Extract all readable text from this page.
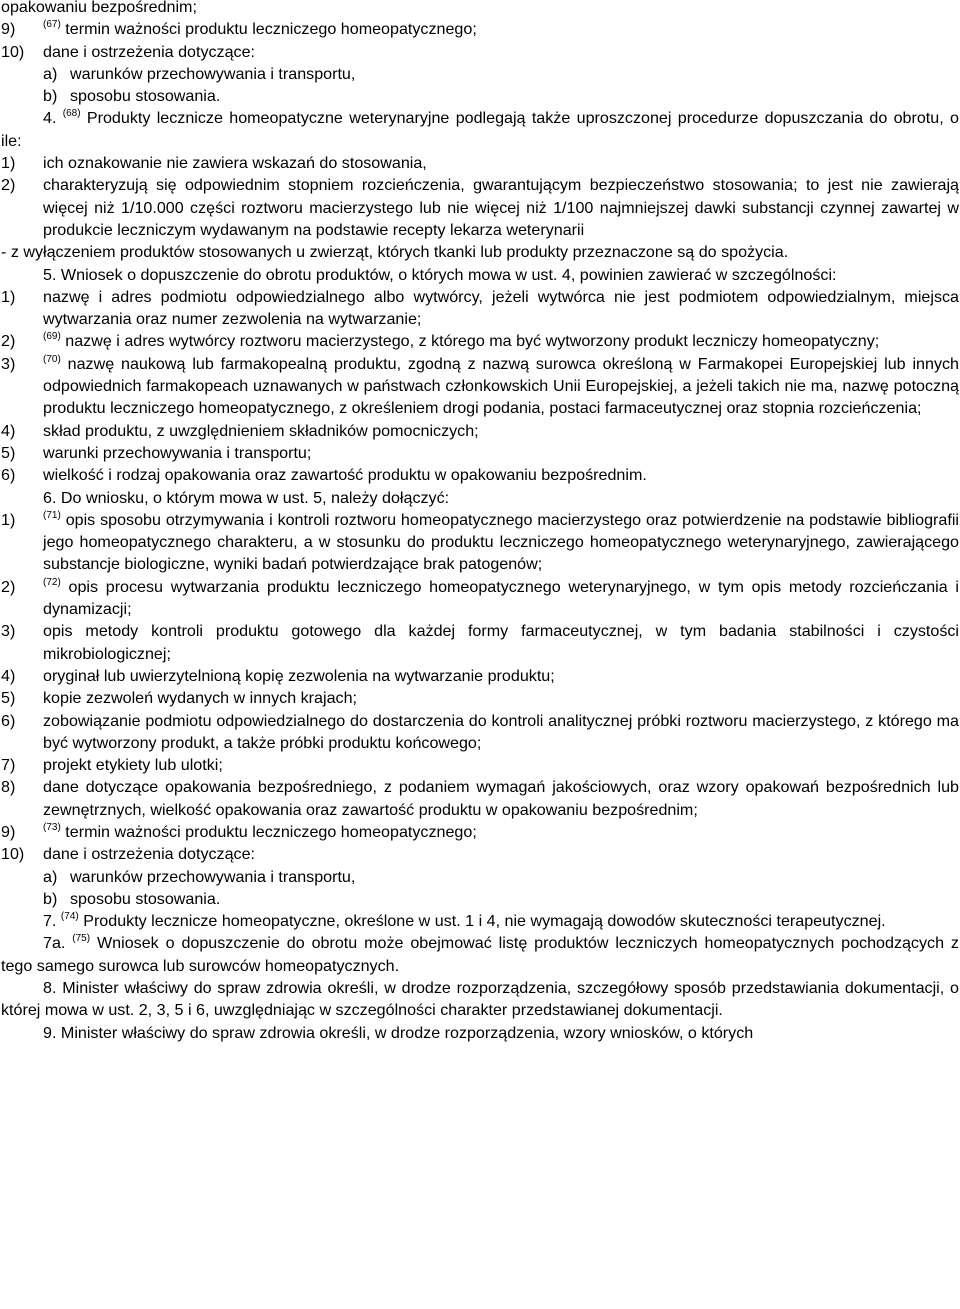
opakowaniu bezpośrednim;

9)	$^{(67)}$ termin ważności produktu leczniczego homeopatycznego;
10)	dane i ostrzeżenia dotyczące:
a) warunków przechowywania i transportu,
b) sposobu stosowania.

4. $^{(68)}$ Produkty lecznicze homeopatyczne weterynaryjne podlegają także uproszczonej procedurze dopuszczania do obrotu, o ile:

1)	ich oznakowanie nie zawiera wskazań do stosowania,
2)	charakteryzują się odpowiednim stopniem rozcieńczenia, gwarantującym bezpieczeństwo stosowania; to jest nie zawierają więcej niż 1/10.000 części roztworu macierzystego lub nie więcej niż 1/100 najmniejszej dawki substancji czynnej zawartej w produkcie leczniczym wydawanym na podstawie recepty lekarza weterynarii

- z wyłączeniem produktów stosowanych u zwierząt, których tkanki lub produkty przeznaczone są do spożycia.

5. Wniosek o dopuszczenie do obrotu produktów, o których mowa w ust. 4, powinien zawierać w szczególności:

1)	nazwę i adres podmiotu odpowiedzialnego albo wytwórcy, jeżeli wytwórca nie jest podmiotem odpowiedzialnym, miejsca wytwarzania oraz numer zezwolenia na wytwarzanie;
2)	$^{(69)}$ nazwę i adres wytwórcy roztworu macierzystego, z którego ma być wytworzony produkt leczniczy homeopatyczny;
3)	$^{(70)}$ nazwę naukową lub farmakopealną produktu, zgodną z nazwą surowca określoną w Farmakopei Europejskiej lub innych odpowiednich farmakopeach uznawanych w państwach członkowskich Unii Europejskiej, a jeżeli takich nie ma, nazwę potoczną produktu leczniczego homeopatycznego, z określeniem drogi podania, postaci farmaceutycznej oraz stopnia rozcieńczenia;
4)	skład produktu, z uwzględnieniem składników pomocniczych;
5)	warunki przechowywania i transportu;
6)	wielkość i rodzaj opakowania oraz zawartość produktu w opakowaniu bezpośrednim.

6. Do wniosku, o którym mowa w ust. 5, należy dołączyć:

1)	$^{(71)}$ opis sposobu otrzymywania i kontroli roztworu homeopatycznego macierzystego oraz potwierdzenie na podstawie bibliografii jego homeopatycznego charakteru, a w stosunku do produktu leczniczego homeopatycznego weterynaryjnego, zawierającego substancje biologiczne, wyniki badań potwierdzające brak patogenów;
2)	$^{(72)}$ opis procesu wytwarzania produktu leczniczego homeopatycznego weterynaryjnego, w tym opis metody rozcieńczania i dynamizacji;
3)	opis metody kontroli produktu gotowego dla każdej formy farmaceutycznej, w tym badania stabilności i czystości mikrobiologicznej;
4)	oryginał lub uwierzytelnioną kopię zezwolenia na wytwarzanie produktu;
5)	kopie zezwoleń wydanych w innych krajach;
6)	zobowiązanie podmiotu odpowiedzialnego do dostarczenia do kontroli analitycznej próbki roztworu macierzystego, z którego ma być wytworzony produkt, a także próbki produktu końcowego;
7)	projekt etykiety lub ulotki;
8)	dane dotyczące opakowania bezpośredniego, z podaniem wymagań jakościowych, oraz wzory opakowań bezpośrednich lub zewnętrznych, wielkość opakowania oraz zawartość produktu w opakowaniu bezpośrednim;
9)	$^{(73)}$ termin ważności produktu leczniczego homeopatycznego;
10)	dane i ostrzeżenia dotyczące:
a) warunków przechowywania i transportu,
b) sposobu stosowania.

7. $^{(74)}$ Produkty lecznicze homeopatyczne, określone w ust. 1 i 4, nie wymagają dowodów skuteczności terapeutycznej.

7a. $^{(75)}$ Wniosek o dopuszczenie do obrotu może obejmować listę produktów leczniczych homeopatycznych pochodzących z tego samego surowca lub surowców homeopatycznych.

8. Minister właściwy do spraw zdrowia określi, w drodze rozporządzenia, szczegółowy sposób przedstawiania dokumentacji, o której mowa w ust. 2, 3, 5 i 6, uwzględniając w szczególności charakter przedstawianej dokumentacji.

9. Minister właściwy do spraw zdrowia określi, w drodze rozporządzenia, wzory wniosków, o których
